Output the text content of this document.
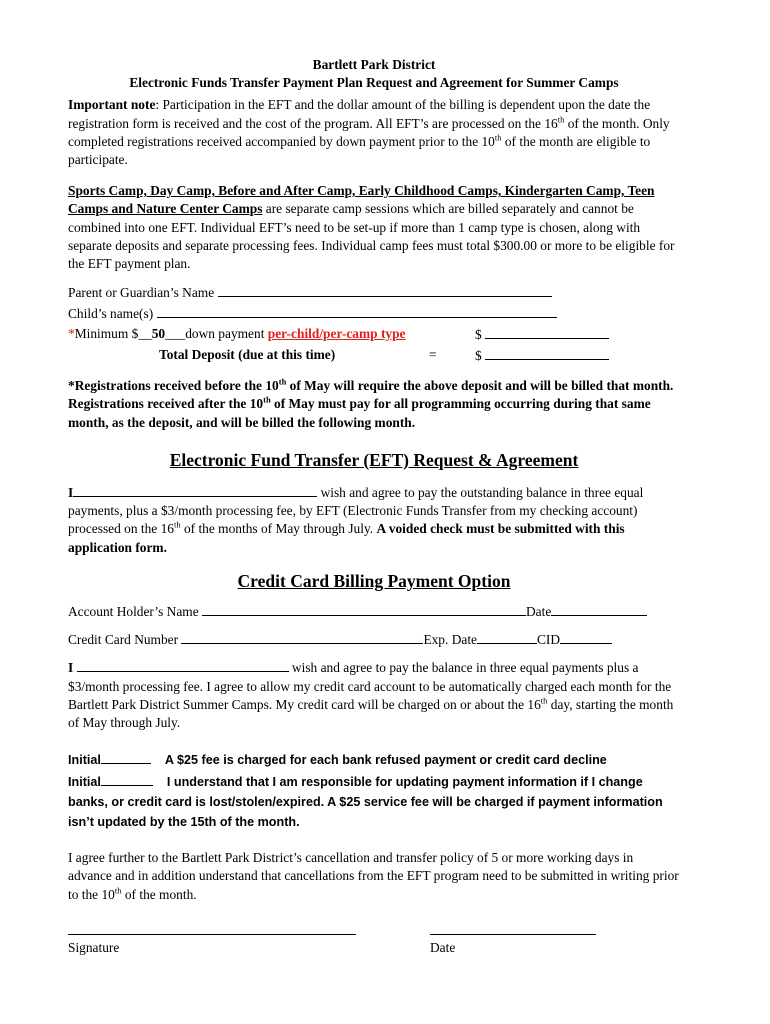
Bartlett Park District
Electronic Funds Transfer Payment Plan Request and Agreement for Summer Camps
Important note: Participation in the EFT and the dollar amount of the billing is dependent upon the date the registration form is received and the cost of the program. All EFT’s are processed on the 16th of the month. Only completed registrations received accompanied by down payment prior to the 10th of the month are eligible to participate.
Sports Camp, Day Camp, Before and After Camp, Early Childhood Camps, Kindergarten Camp, Teen Camps and Nature Center Camps are separate camp sessions which are billed separately and cannot be combined into one EFT. Individual EFT’s need to be set-up if more than 1 camp type is chosen, along with separate deposits and separate processing fees. Individual camp fees must total $300.00 or more to be eligible for the EFT payment plan.
Parent or Guardian’s Name
Child’s name(s)
*Minimum $__50___down payment per-child/per-camp type	$
Total Deposit (due at this time)	=	$
*Registrations received before the 10th of May will require the above deposit and will be billed that month. Registrations received after the 10th of May must pay for all programming occurring during that same month, as the deposit, and will be billed the following month.
Electronic Fund Transfer (EFT) Request & Agreement
I	wish and agree to pay the outstanding balance in three equal payments, plus a $3/month processing fee, by EFT (Electronic Funds Transfer from my checking account) processed on the 16th of the months of May through July. A voided check must be submitted with this application form.
Credit Card Billing Payment Option
Account Holder’s Name	Date
Credit Card Number	Exp. Date	CID
I	wish and agree to pay the balance in three equal payments plus a $3/month processing fee. I agree to allow my credit card account to be automatically charged each month for the Bartlett Park District Summer Camps. My credit card will be charged on or about the 16th day, starting the month of May through July.
Initial	A $25 fee is charged for each bank refused payment or credit card decline
Initial	I understand that I am responsible for updating payment information if I change banks, or credit card is lost/stolen/expired. A $25 service fee will be charged if payment information isn’t updated by the 15th of the month.
I agree further to the Bartlett Park District’s cancellation and transfer policy of 5 or more working days in advance and in addition understand that cancellations from the EFT program need to be submitted in writing prior to the 10th of the month.
Signature	Date
